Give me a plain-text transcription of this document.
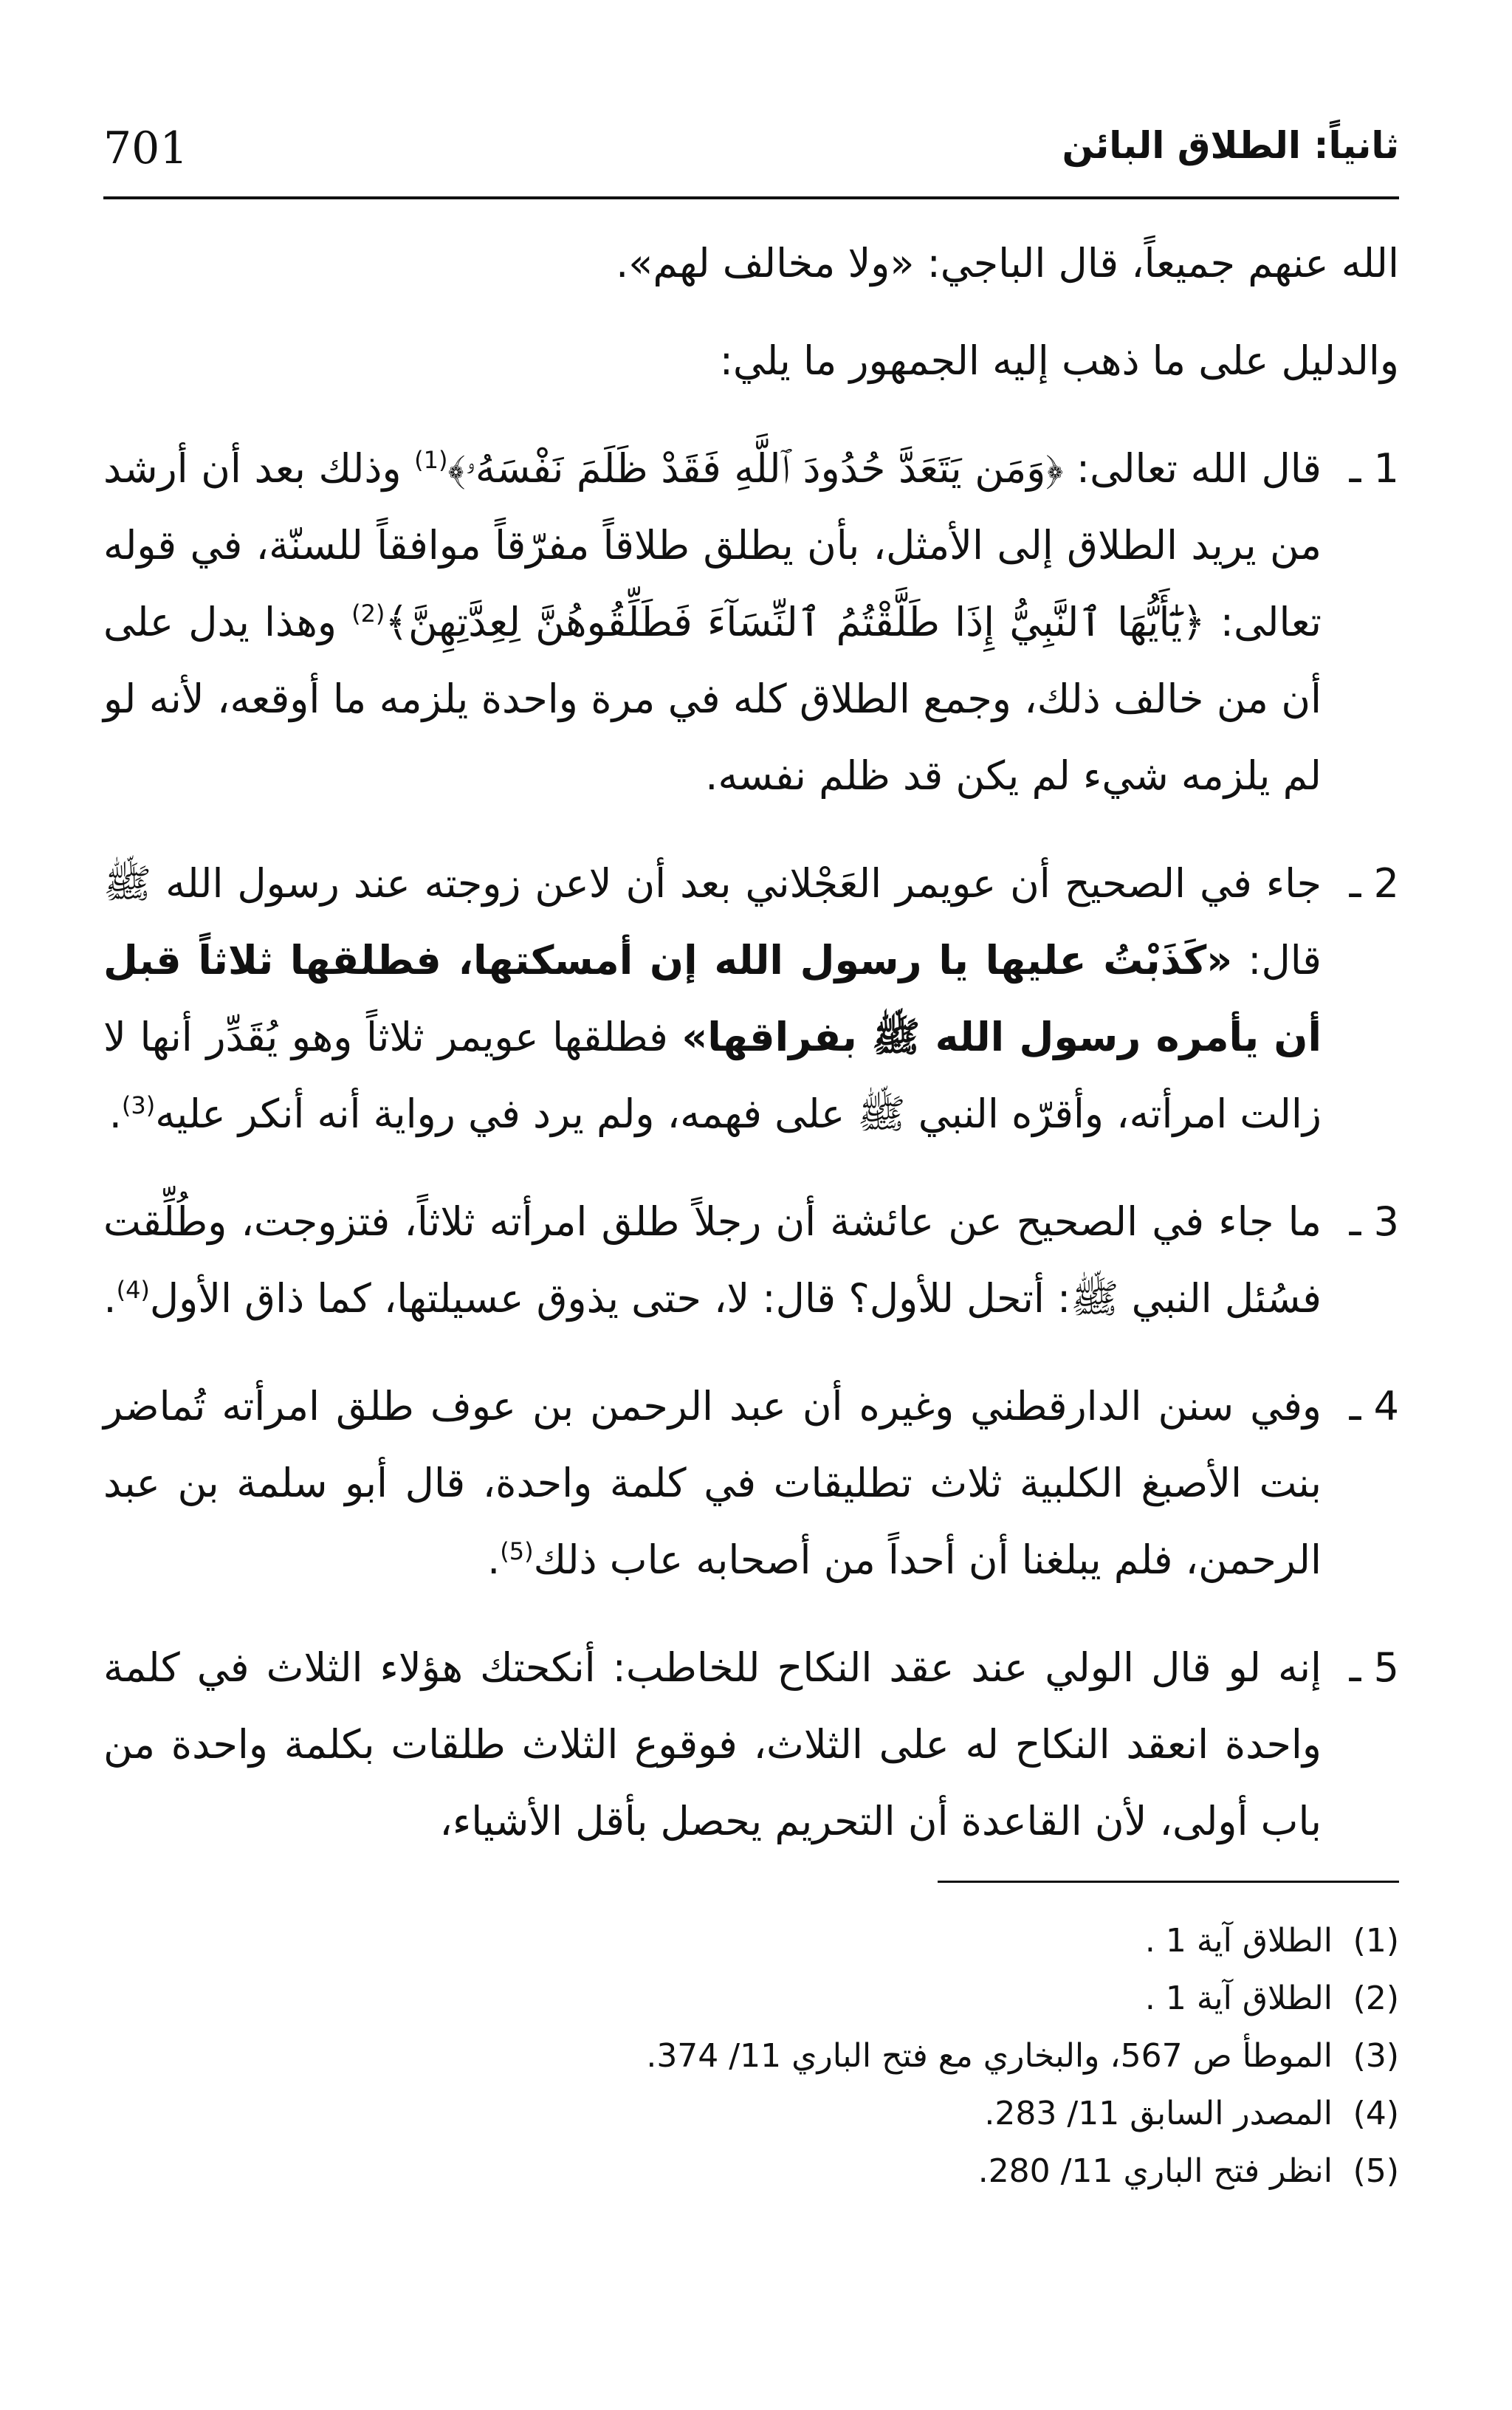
701	ثانياً: الطلاق البائن

الله عنهم جميعاً، قال الباجي: «ولا مخالف لهم».

والدليل على ما ذهب إليه الجمهور ما يلي:

1 ـ
قال الله تعالى: ﴿وَمَن يَتَعَدَّ حُدُودَ ٱللَّهِ فَقَدْ ظَلَمَ نَفْسَهُۥ﴾$^{(1)}$ وذلك بعد أن أرشد من يريد الطلاق إلى الأمثل، بأن يطلق طلاقاً مفرّقاً موافقاً للسنّة، في قوله تعالى: ﴿يَٰٓأَيُّهَا ٱلنَّبِيُّ إِذَا طَلَّقْتُمُ ٱلنِّسَآءَ فَطَلِّقُوهُنَّ لِعِدَّتِهِنَّ﴾$^{(2)}$ وهذا يدل على أن من خالف ذلك، وجمع الطلاق كله في مرة واحدة يلزمه ما أوقعه، لأنه لو لم يلزمه شيء لم يكن قد ظلم نفسه.
2 ـ
جاء في الصحيح أن عويمر العَجْلاني بعد أن لاعن زوجته عند رسول الله ﷺ قال: «كَذَبْتُ عليها يا رسول الله إن أمسكتها، فطلقها ثلاثاً قبل أن يأمره رسول الله ﷺ بفراقها» فطلقها عويمر ثلاثاً وهو يُقَدِّر أنها لا زالت امرأته، وأقرّه النبي ﷺ على فهمه، ولم يرد في رواية أنه أنكر عليه$^{(3)}$.
3 ـ
ما جاء في الصحيح عن عائشة أن رجلاً طلق امرأته ثلاثاً، فتزوجت، وطُلِّقت فسُئل النبي ﷺ: أتحل للأول؟ قال: لا، حتى يذوق عسيلتها، كما ذاق الأول$^{(4)}$.
4 ـ
وفي سنن الدارقطني وغيره أن عبد الرحمن بن عوف طلق امرأته تُماضر بنت الأصبغ الكلبية ثلاث تطليقات في كلمة واحدة، قال أبو سلمة بن عبد الرحمن، فلم يبلغنا أن أحداً من أصحابه عاب ذلك$^{(5)}$.
5 ـ
إنه لو قال الولي عند عقد النكاح للخاطب: أنكحتك هؤلاء الثلاث في كلمة واحدة انعقد النكاح له على الثلاث، فوقوع الثلاث طلقات بكلمة واحدة من باب أولى، لأن القاعدة أن التحريم يحصل بأقل الأشياء،
(1)الطلاق آية 1 .
(2)الطلاق آية 1 .
(3)الموطأ ص 567، والبخاري مع فتح الباري 11/ 374.
(4)المصدر السابق 11/ 283.
(5)انظر فتح الباري 11/ 280.
